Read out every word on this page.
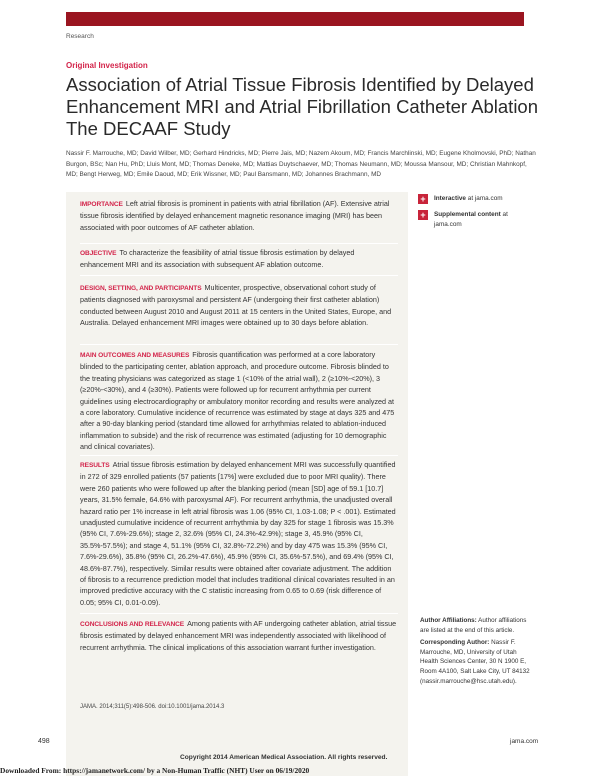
Research
Original Investigation
Association of Atrial Tissue Fibrosis Identified by Delayed Enhancement MRI and Atrial Fibrillation Catheter Ablation
The DECAAF Study
Nassir F. Marrouche, MD; David Wilber, MD; Gerhard Hindricks, MD; Pierre Jais, MD; Nazem Akoum, MD; Francis Marchlinski, MD; Eugene Kholmovski, PhD; Nathan Burgon, BSc; Nan Hu, PhD; Lluis Mont, MD; Thomas Deneke, MD; Mattias Duytschaever, MD; Thomas Neumann, MD; Moussa Mansour, MD; Christian Mahnkopf, MD; Bengt Herweg, MD; Emile Daoud, MD; Erik Wissner, MD; Paul Bansmann, MD; Johannes Brachmann, MD
IMPORTANCE Left atrial fibrosis is prominent in patients with atrial fibrillation (AF). Extensive atrial tissue fibrosis identified by delayed enhancement magnetic resonance imaging (MRI) has been associated with poor outcomes of AF catheter ablation.
OBJECTIVE To characterize the feasibility of atrial tissue fibrosis estimation by delayed enhancement MRI and its association with subsequent AF ablation outcome.
DESIGN, SETTING, AND PARTICIPANTS Multicenter, prospective, observational cohort study of patients diagnosed with paroxysmal and persistent AF (undergoing their first catheter ablation) conducted between August 2010 and August 2011 at 15 centers in the United States, Europe, and Australia. Delayed enhancement MRI images were obtained up to 30 days before ablation.
MAIN OUTCOMES AND MEASURES Fibrosis quantification was performed at a core laboratory blinded to the participating center, ablation approach, and procedure outcome. Fibrosis blinded to the treating physicians was categorized as stage 1 (<10% of the atrial wall), 2 (≥10%-<20%), 3 (≥20%-<30%), and 4 (≥30%). Patients were followed up for recurrent arrhythmia per current guidelines using electrocardiography or ambulatory monitor recording and results were analyzed at a core laboratory. Cumulative incidence of recurrence was estimated by stage at days 325 and 475 after a 90-day blanking period (standard time allowed for arrhythmias related to ablation-induced inflammation to subside) and the risk of recurrence was estimated (adjusting for 10 demographic and clinical covariates).
RESULTS Atrial tissue fibrosis estimation by delayed enhancement MRI was successfully quantified in 272 of 329 enrolled patients (57 patients [17%] were excluded due to poor MRI quality). There were 260 patients who were followed up after the blanking period (mean [SD] age of 59.1 [10.7] years, 31.5% female, 64.6% with paroxysmal AF). For recurrent arrhythmia, the unadjusted overall hazard ratio per 1% increase in left atrial fibrosis was 1.06 (95% CI, 1.03-1.08; P < .001). Estimated unadjusted cumulative incidence of recurrent arrhythmia by day 325 for stage 1 fibrosis was 15.3% (95% CI, 7.6%-29.6%); stage 2, 32.6% (95% CI, 24.3%-42.9%); stage 3, 45.9% (95% CI, 35.5%-57.5%); and stage 4, 51.1% (95% CI, 32.8%-72.2%) and by day 475 was 15.3% (95% CI, 7.6%-29.6%), 35.8% (95% CI, 26.2%-47.6%), 45.9% (95% CI, 35.6%-57.5%), and 69.4% (95% CI, 48.6%-87.7%), respectively. Similar results were obtained after covariate adjustment. The addition of fibrosis to a recurrence prediction model that includes traditional clinical covariates resulted in an improved predictive accuracy with the C statistic increasing from 0.65 to 0.69 (risk difference of 0.05; 95% CI, 0.01-0.09).
CONCLUSIONS AND RELEVANCE Among patients with AF undergoing catheter ablation, atrial tissue fibrosis estimated by delayed enhancement MRI was independently associated with likelihood of recurrent arrhythmia. The clinical implications of this association warrant further investigation.
+	Interactive at jama.com
+	Supplemental content at jama.com

Author Affiliations: Author affiliations are listed at the end of this article.

Corresponding Author: Nassir F. Marrouche, MD, University of Utah Health Sciences Center, 30 N 1900 E, Room 4A100, Salt Lake City, UT 84132 (nassir.marrouche@hsc.utah.edu).

JAMA. 2014;311(5):498-506. doi:10.1001/jama.2014.3
498	jama.com
Copyright 2014 American Medical Association. All rights reserved.
Downloaded From: https://jamanetwork.com/ by a Non-Human Traffic (NHT) User on 06/19/2020
